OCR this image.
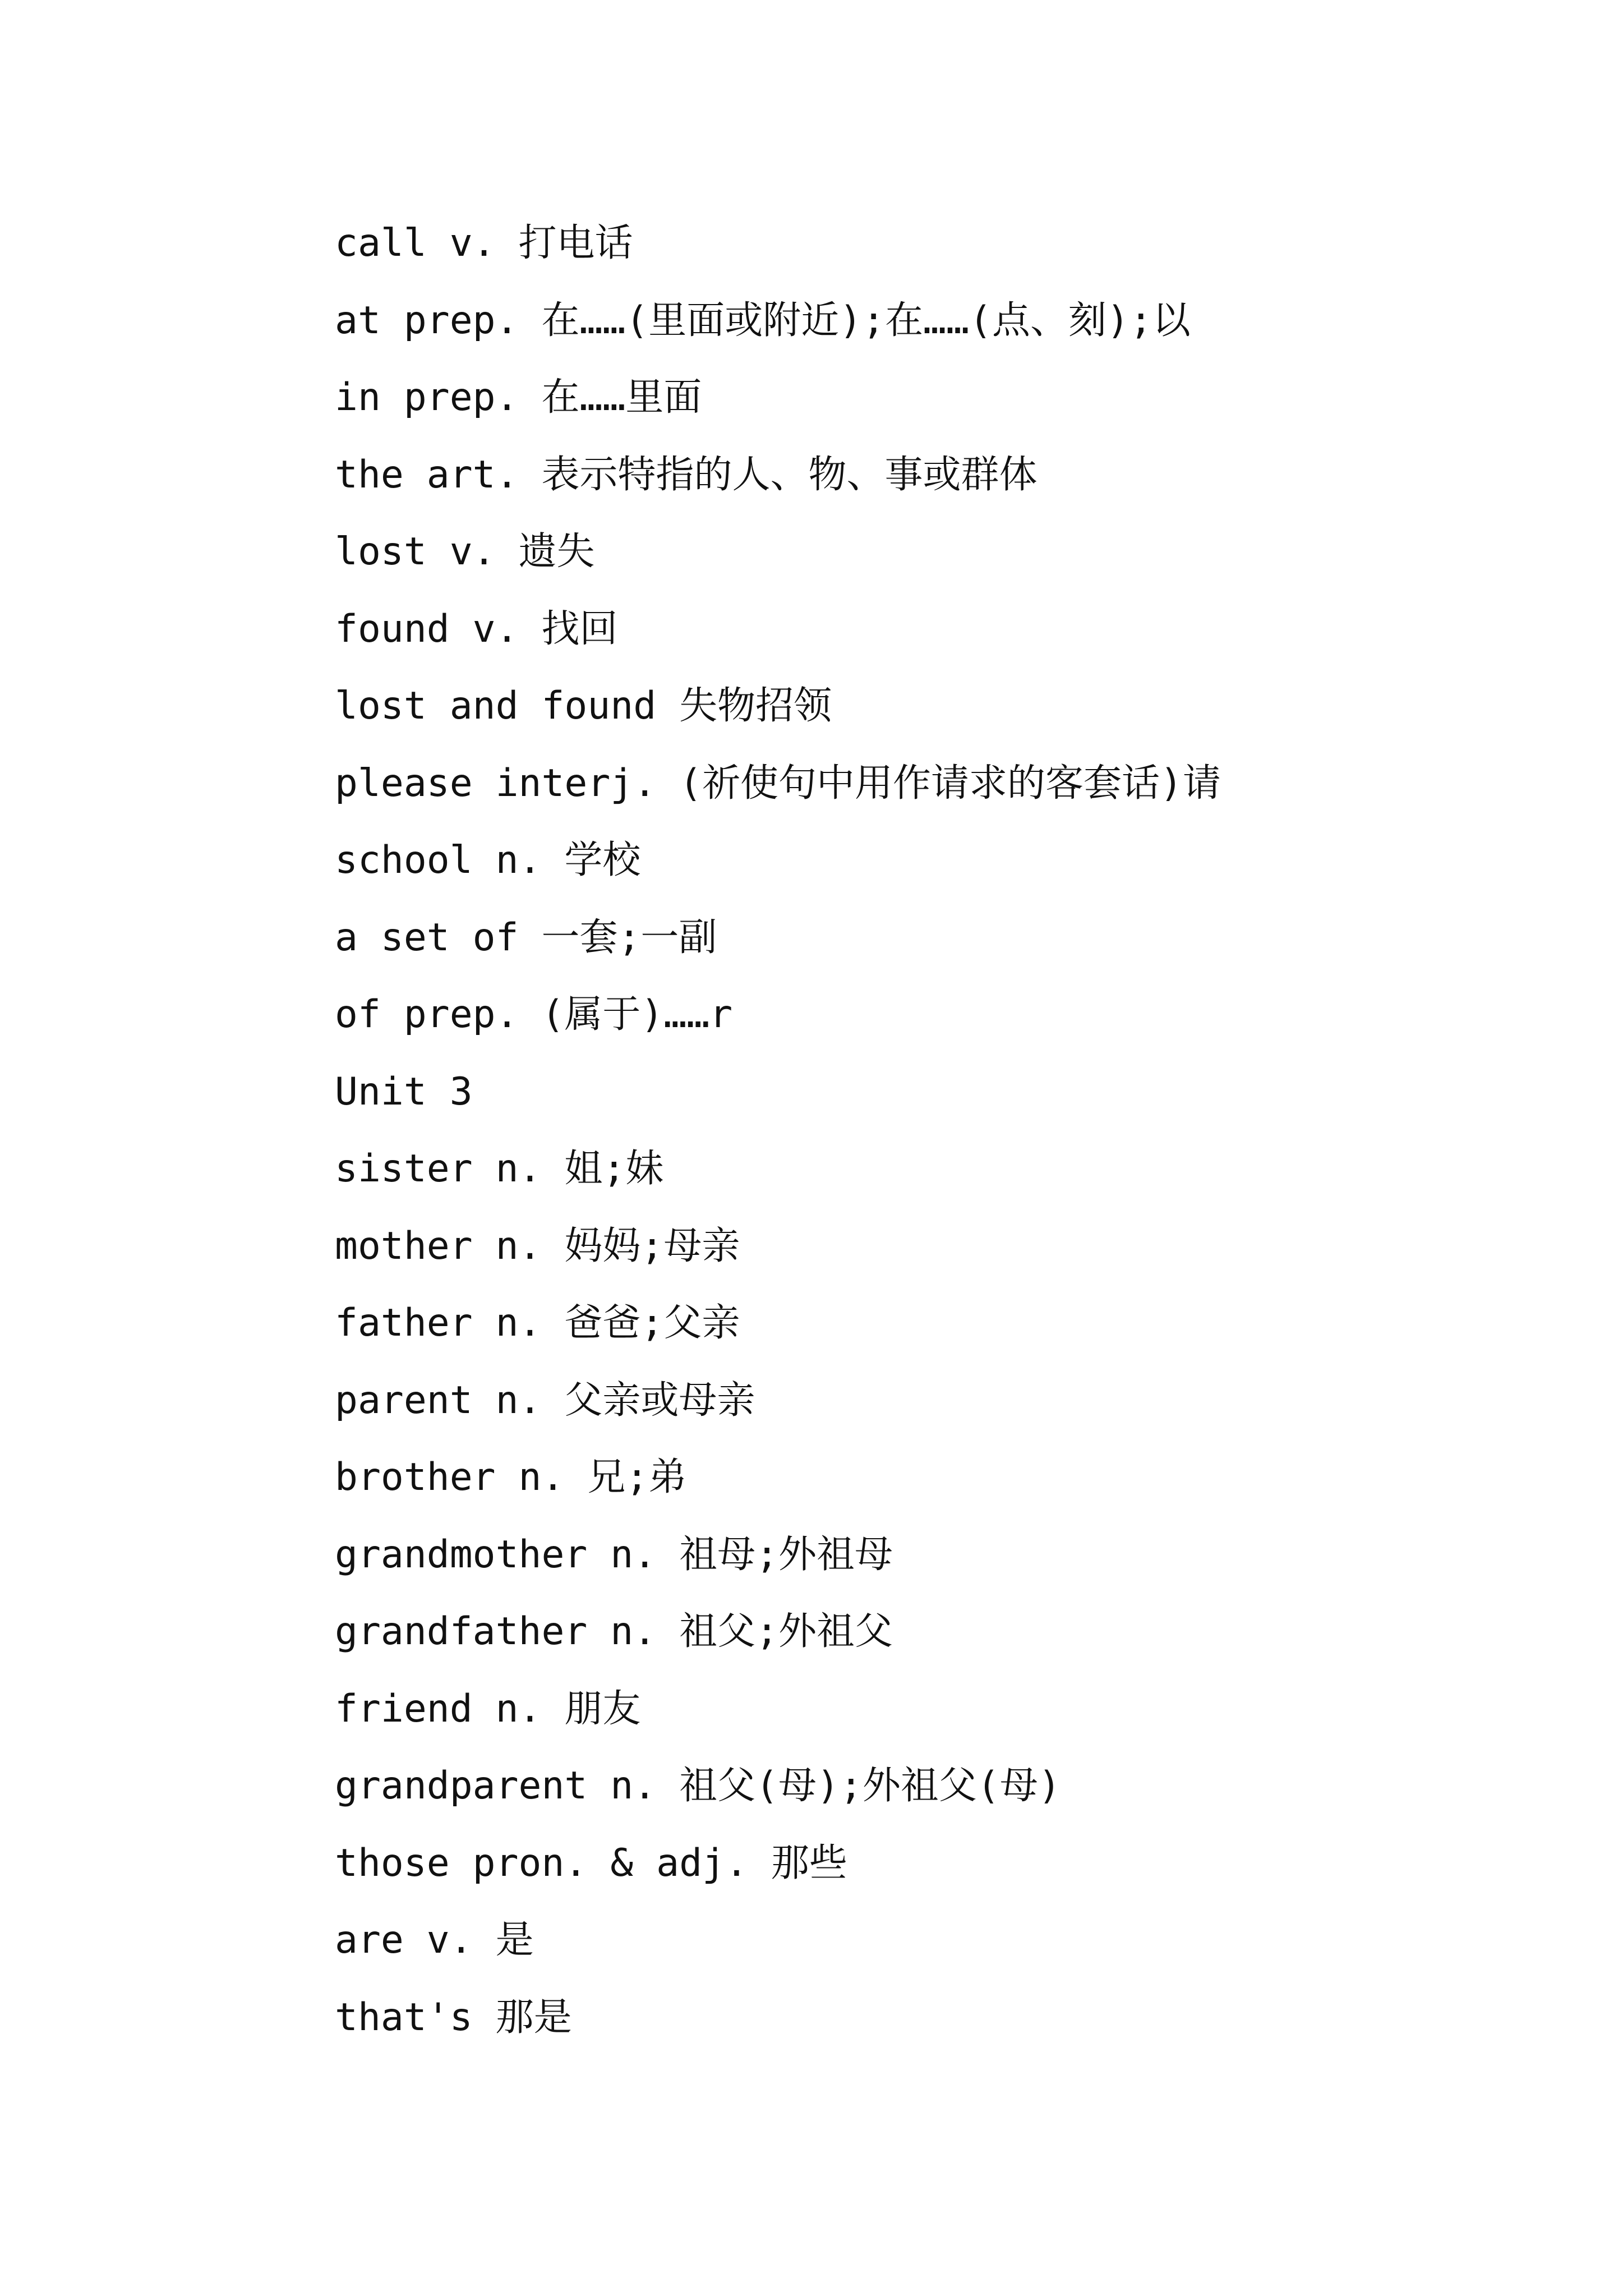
call v. 打电话
at prep. 在……(里面或附近);在……(点、刻);以
in prep. 在……里面
the art. 表示特指的人、物、事或群体
lost v. 遗失
found v. 找回
lost and found 失物招领
please interj. (祈使句中用作请求的客套话)请
school n. 学校
a set of 一套;一副
of prep. (属于)……r
Unit 3
sister n. 姐;妹
mother n. 妈妈;母亲
father n. 爸爸;父亲
parent n. 父亲或母亲
brother n. 兄;弟
grandmother n. 祖母;外祖母
grandfather n. 祖父;外祖父
friend n. 朋友
grandparent n. 祖父(母);外祖父(母)
those pron. & adj. 那些
are v. 是
that's 那是
